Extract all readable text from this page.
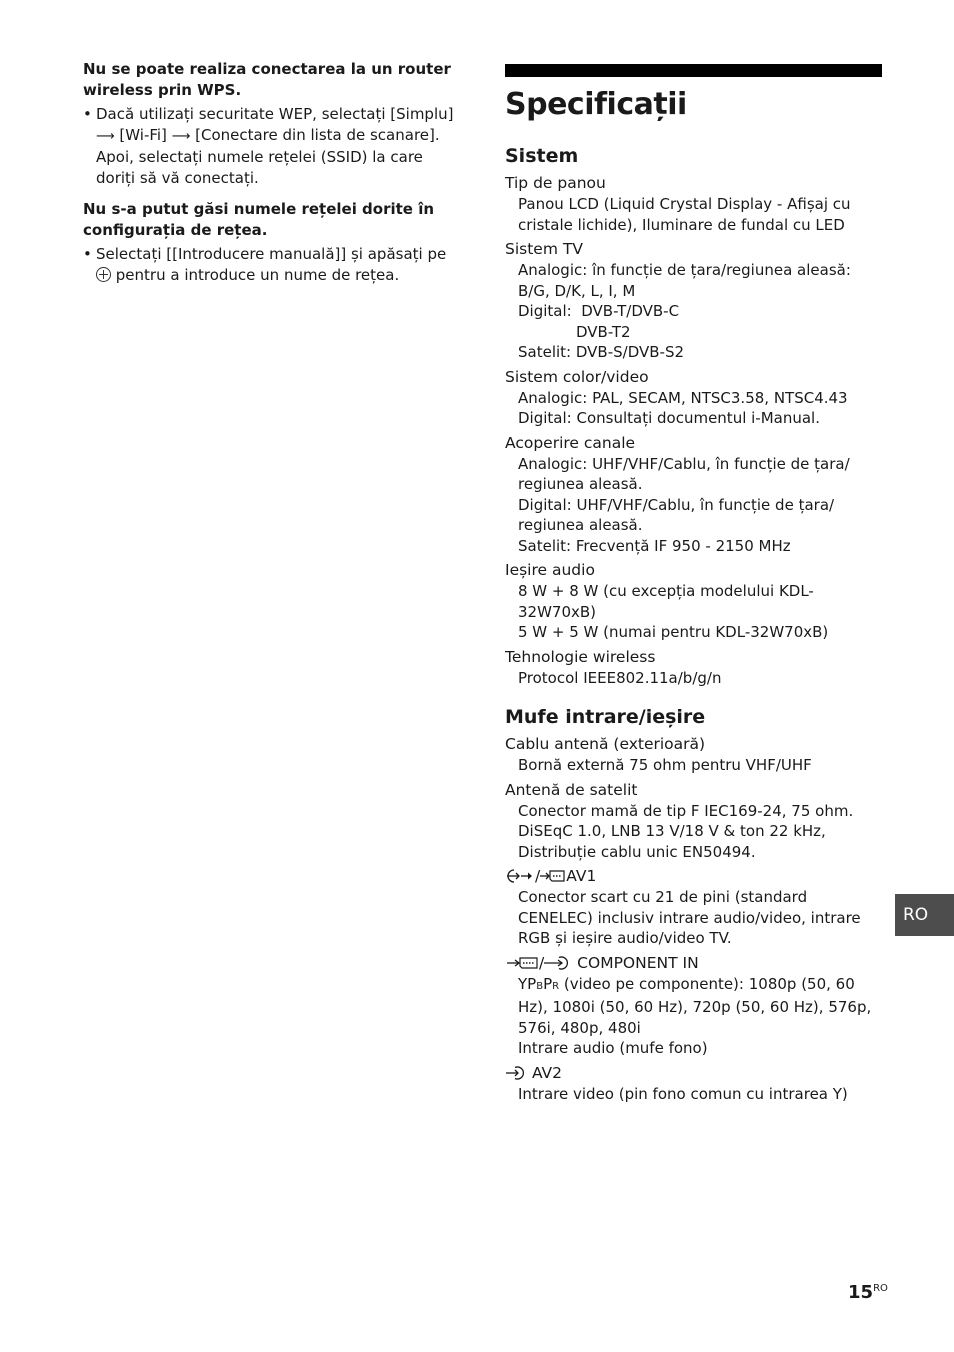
Nu se poate realiza conectarea la un router wireless prin WPS.

• Dacă utilizați securitate WEP, selectați [Simplu] ⟶ [Wi-Fi] ⟶ [Conectare din lista de scanare].
Apoi, selectați numele rețelei (SSID) la care doriți să vă conectați.

Nu s-a putut găsi numele rețelei dorite în configurația de rețea.

• Selectați [[Introducere manuală]] și apăsați pe  pentru a introduce un nume de rețea.
Specificații
Sistem

Tip de panou

Panou LCD (Liquid Crystal Display - Afișaj cu cristale lichide), Iluminare de fundal cu LED

Sistem TV

Analogic: în funcție de țara/regiunea aleasă:

B/G, D/K, L, I, M

Digital:  DVB-T/DVB-C

DVB-T2

Satelit: DVB-S/DVB-S2

Sistem color/video

Analogic: PAL, SECAM, NTSC3.58, NTSC4.43

Digital: Consultați documentul i-Manual.

Acoperire canale

Analogic: UHF/VHF/Cablu, în funcție de țara/ regiunea aleasă.

Digital: UHF/VHF/Cablu, în funcție de țara/ regiunea aleasă.

Satelit: Frecvență IF 950 - 2150 MHz

Ieșire audio

8 W + 8 W (cu excepția modelului KDL-32W70xB)

5 W + 5 W (numai pentru KDL-32W70xB)

Tehnologie wireless

Protocol IEEE802.11a/b/g/n

Mufe intrare/ieșire

Cablu antenă (exterioară)

Bornă externă 75 ohm pentru VHF/UHF

Antenă de satelit

Conector mamă de tip F IEC169-24, 75 ohm. DiSEqC 1.0, LNB 13 V/18 V & ton 22 kHz, Distribuție cablu unic EN50494.

/ AV1

Conector scart cu 21 de pini (standard CENELEC) inclusiv intrare audio/video, intrare RGB și ieșire audio/video TV.

/ COMPONENT IN

YPBPR (video pe componente): 1080p (50, 60 Hz), 1080i (50, 60 Hz), 720p (50, 60 Hz), 576p, 576i, 480p, 480i

Intrare audio (mufe fono)

AV2

Intrare video (pin fono comun cu intrarea Y)

RO
$15^{RO}$
